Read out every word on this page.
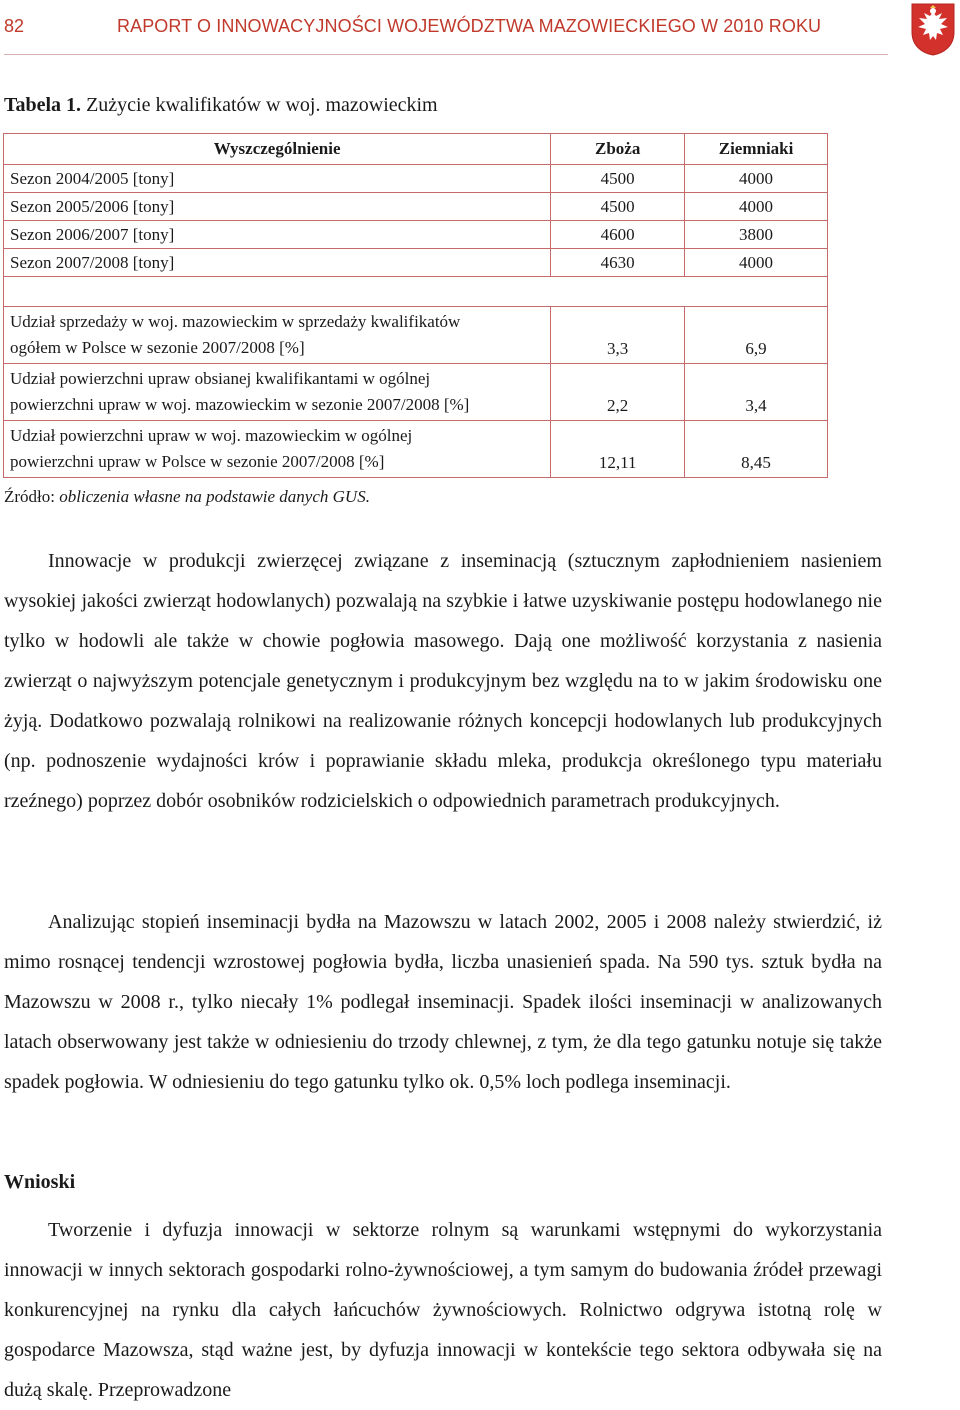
82	RAPORT O INNOWACYJNOŚCI WOJEWÓDZTWA MAZOWIECKIEGO W 2010 ROKU
Tabela 1. Zużycie kwalifikatów w woj. mazowieckim
Wyszczególnienie	Zboża	Ziemniaki
Sezon 2004/2005 [tony]	4500	4000
Sezon 2005/2006 [tony]	4500	4000
Sezon 2006/2007 [tony]	4600	3800
Sezon 2007/2008 [tony]	4630	4000

Udział sprzedaży w woj. mazowieckim w sprzedaży kwalifikatów
ogółem w Polsce w sezonie 2007/2008 [%]	3,3	6,9

Udział powierzchni upraw obsianej kwalifikantami w ogólnej
powierzchni upraw w woj. mazowieckim w sezonie 2007/2008 [%]	2,2	3,4

Udział powierzchni upraw w woj. mazowieckim w ogólnej
powierzchni upraw w Polsce w sezonie 2007/2008 [%]	12,11	8,45
Źródło: obliczenia własne na podstawie danych GUS.

Innowacje w produkcji zwierzęcej związane z inseminacją (sztucznym zapłodnieniem nasieniem wysokiej jakości zwierząt hodowlanych) pozwalają na szybkie i łatwe uzyskiwanie postępu hodowlanego nie tylko w hodowli ale także w chowie pogłowia masowego. Dają one możliwość korzystania z nasienia zwierząt o najwyższym potencjale genetycznym i produkcyjnym bez względu na to w jakim środowisku one żyją. Dodatkowo pozwalają rolnikowi na realizowanie różnych koncepcji hodowlanych lub produkcyjnych (np. podnoszenie wydajności krów i poprawianie składu mleka, produkcja określonego typu materiału rzeźnego) poprzez dobór osobników rodzicielskich o odpowiednich parametrach produkcyjnych.

Analizując stopień inseminacji bydła na Mazowszu w latach 2002, 2005 i 2008 należy stwierdzić, iż mimo rosnącej tendencji wzrostowej pogłowia bydła, liczba unasienień spada. Na 590 tys. sztuk bydła na Mazowszu w 2008 r., tylko niecały 1% podlegał inseminacji. Spadek ilości inseminacji w analizowanych latach obserwowany jest także w odniesieniu do trzody chlewnej, z tym, że dla tego gatunku notuje się także spadek pogłowia. W odniesieniu do tego gatunku tylko ok. 0,5% loch podlega inseminacji.

Wnioski

Tworzenie i dyfuzja innowacji w sektorze rolnym są warunkami wstępnymi do wykorzystania innowacji w innych sektorach gospodarki rolno-żywnościowej, a tym samym do budowania źródeł przewagi konkurencyjnej na rynku dla całych łańcuchów żywnościowych. Rolnictwo odgrywa istotną rolę w gospodarce Mazowsza, stąd ważne jest, by dyfuzja innowacji w kontekście tego sektora odbywała się na dużą skalę. Przeprowadzone
